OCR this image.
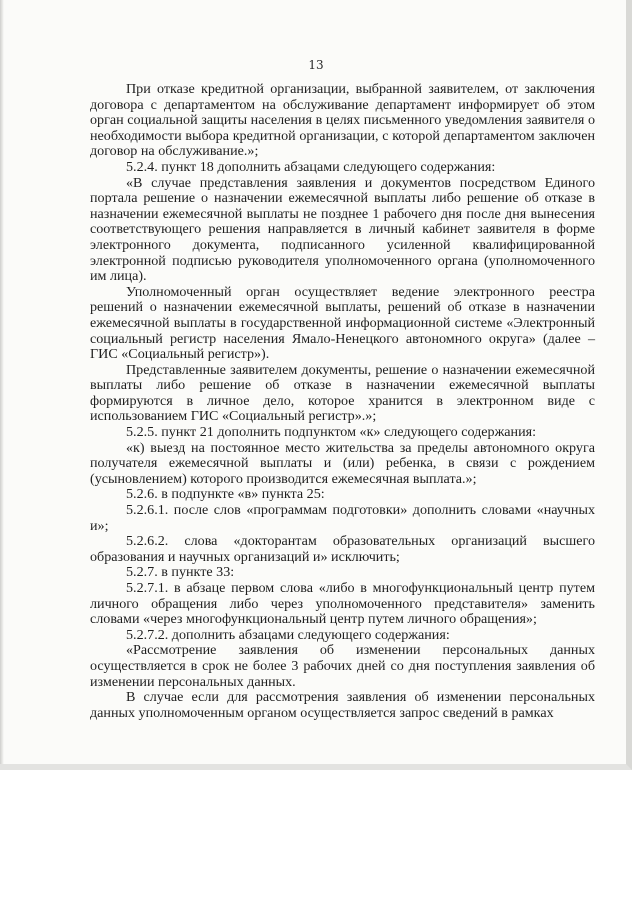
13

При отказе кредитной организации, выбранной заявителем, от заключения договора с департаментом на обслуживание департамент информирует об этом орган социальной защиты населения в целях письменного уведомления заявителя о необходимости выбора кредитной организации, с которой департаментом заключен договор на обслуживание.»;

5.2.4. пункт 18 дополнить абзацами следующего содержания:

«В случае представления заявления и документов посредством Единого портала решение о назначении ежемесячной выплаты либо решение об отказе в назначении ежемесячной выплаты не позднее 1 рабочего дня после дня вынесения соответствующего решения направляется в личный кабинет заявителя в форме электронного документа, подписанного усиленной квалифицированной электронной подписью руководителя уполномоченного органа (уполномоченного им лица).

Уполномоченный орган осуществляет ведение электронного реестра решений о назначении ежемесячной выплаты, решений об отказе в назначении ежемесячной выплаты в государственной информационной системе «Электронный социальный регистр населения Ямало-Ненецкого автономного округа» (далее – ГИС «Социальный регистр»).

Представленные заявителем документы, решение о назначении ежемесячной выплаты либо решение об отказе в назначении ежемесячной выплаты формируются в личное дело, которое хранится в электронном виде с использованием ГИС «Социальный регистр».»;

5.2.5. пункт 21 дополнить подпунктом «к» следующего содержания:

«к) выезд на постоянное место жительства за пределы автономного округа получателя ежемесячной выплаты и (или) ребенка, в связи с рождением (усыновлением) которого производится ежемесячная выплата.»;

5.2.6. в подпункте «в» пункта 25:

5.2.6.1. после слов «программам подготовки» дополнить словами «научных и»;

5.2.6.2. слова «докторантам образовательных организаций высшего образования и научных организаций и» исключить;

5.2.7. в пункте 33:

5.2.7.1. в абзаце первом слова «либо в многофункциональный центр путем личного обращения либо через уполномоченного представителя» заменить словами «через многофункциональный центр путем личного обращения»;

5.2.7.2. дополнить абзацами следующего содержания:

«Рассмотрение заявления об изменении персональных данных осуществляется в срок не более 3 рабочих дней со дня поступления заявления об изменении персональных данных.

В случае если для рассмотрения заявления об изменении персональных данных уполномоченным органом осуществляется запрос сведений в рамках
